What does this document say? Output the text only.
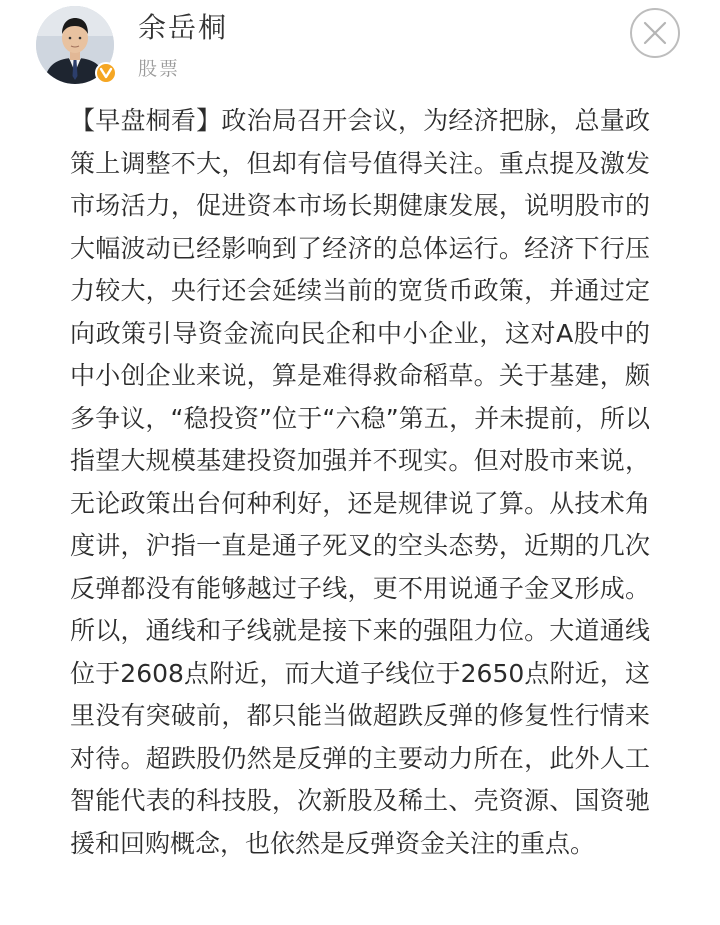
余岳桐
股票
【早盘桐看】政治局召开会议，为经济把脉，总量政策上调整不大，但却有信号值得关注。重点提及激发市场活力，促进资本市场长期健康发展，说明股市的大幅波动已经影响到了经济的总体运行。经济下行压力较大，央行还会延续当前的宽货币政策，并通过定向政策引导资金流向民企和中小企业，这对A股中的中小创企业来说，算是难得救命稻草。关于基建，颇多争议，“稳投资”位于“六稳”第五，并未提前，所以指望大规模基建投资加强并不现实。但对股市来说，无论政策出台何种利好，还是规律说了算。从技术角度讲，沪指一直是通子死叉的空头态势，近期的几次反弹都没有能够越过子线，更不用说通子金叉形成。所以，通线和子线就是接下来的强阻力位。大道通线位于2608点附近，而大道子线位于2650点附近，这里没有突破前，都只能当做超跌反弹的修复性行情来对待。超跌股仍然是反弹的主要动力所在，此外人工智能代表的科技股，次新股及稀土、壳资源、国资驰援和回购概念，也依然是反弹资金关注的重点。
